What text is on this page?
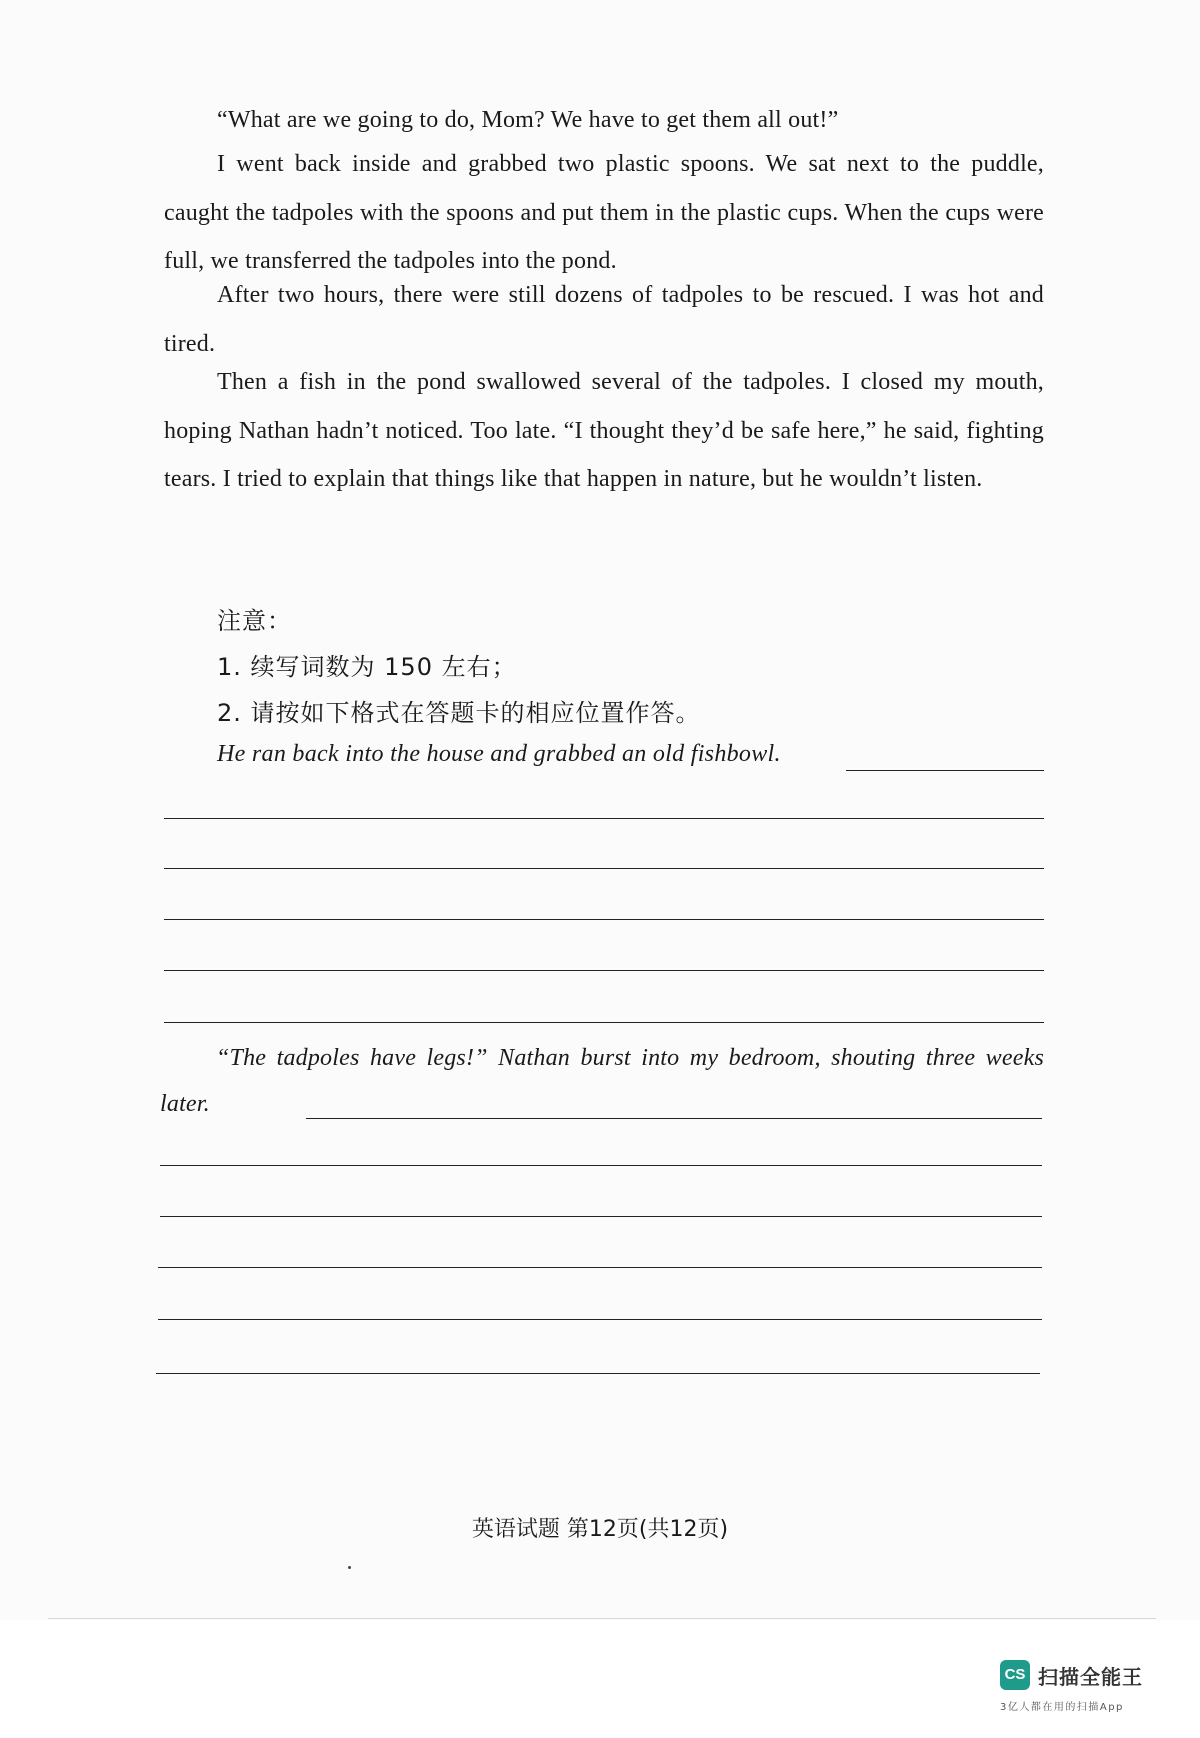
“What are we going to do, Mom? We have to get them all out!”

I went back inside and grabbed two plastic spoons. We sat next to the puddle, caught the tadpoles with the spoons and put them in the plastic cups. When the cups were full, we transferred the tadpoles into the pond.

After two hours, there were still dozens of tadpoles to be rescued. I was hot and tired.

Then a fish in the pond swallowed several of the tadpoles. I closed my mouth, hoping Nathan hadn’t noticed. Too late. “I thought they’d be safe here,” he said, fighting tears. I tried to explain that things like that happen in nature, but he wouldn’t listen.

注意：

1. 续写词数为 150 左右；

2. 请按如下格式在答题卡的相应位置作答。

He ran back into the house and grabbed an old fishbowl.

“The tadpoles have legs!” Nathan burst into my bedroom, shouting three weeks later.

英语试题 第12页(共12页)

CS 扫描全能王
3亿人都在用的扫描App
